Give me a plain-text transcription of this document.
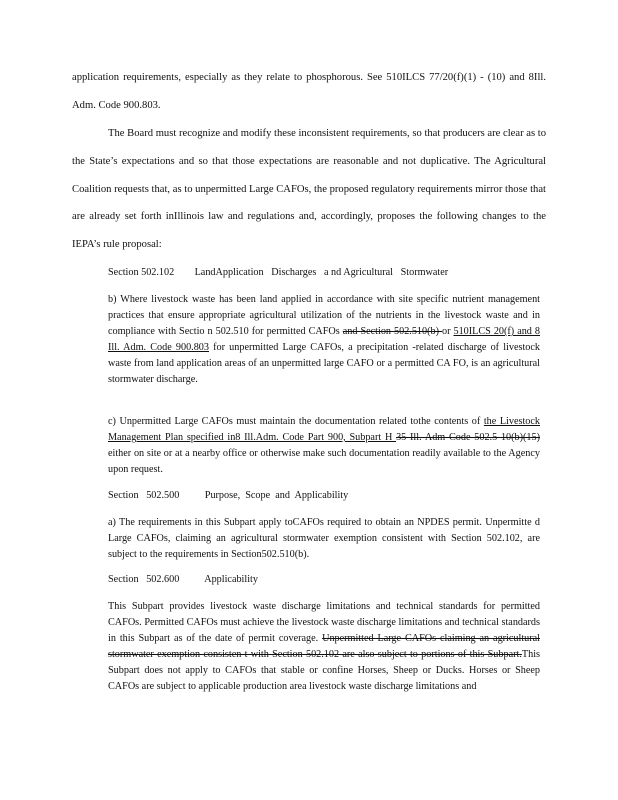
application requirements, especially as they relate to phosphorous. See 510ILCS 77/20(f)(1) - (10) and 8Ill. Adm. Code 900.803.

The Board must recognize and modify these inconsistent requirements, so that producers are clear as to the State’s expectations and so that those expectations are reasonable and not duplicative. The Agricultural Coalition requests that, as to unpermitted Large CAFOs, the proposed regulatory requirements mirror those that are already set forth inIllinois law and regulations and, accordingly, proposes the following changes to the IEPA’s rule proposal:

Section 502.102        LandApplication   Discharges   a nd Agricultural   Stormwater

b) Where livestock waste has been land applied in accordance with site specific nutrient management practices that ensure appropriate agricultural utilization of the nutrients in the livestock waste and in compliance with Sectio n 502.510 for permitted CAFOs and Section 502.510(b) or 510ILCS 20(f) and 8 Ill. Adm. Code 900.803 for unpermitted Large CAFOs, a precipitation -related discharge of livestock waste from land application areas of an unpermitted large CAFO or a permitted CA FO, is an agricultural stormwater discharge.

c) Unpermitted Large CAFOs must maintain the documentation related tothe contents of the Livestock Management Plan specified in8 Ill.Adm. Code Part 900, Subpart H 35 Ill. Adm Code 502.5 10(b)(15) either on site or at a nearby office or otherwise make such documentation readily available to the Agency upon request.

Section   502.500          Purpose,  Scope  and  Applicability

a) The requirements in this Subpart apply toCAFOs required to obtain an NPDES permit. Unpermitte d Large CAFOs, claiming an agricultural stormwater exemption consistent with Section 502.102, are subject to the requirements in Section502.510(b).

Section   502.600          Applicability

This Subpart provides livestock waste discharge limitations and technical standards for permitted CAFOs. Permitted CAFOs must achieve the livestock waste discharge limitations and technical standards in this Subpart as of the date of permit coverage. Unpermitted Large CAFOs claiming an agricultural stormwater exemption consisten t with Section 502.102 are also subject to portions of this Subpart.This Subpart does not apply to CAFOs that stable or confine Horses, Sheep or Ducks. Horses or Sheep CAFOs are subject to applicable production area livestock waste discharge limitations and
